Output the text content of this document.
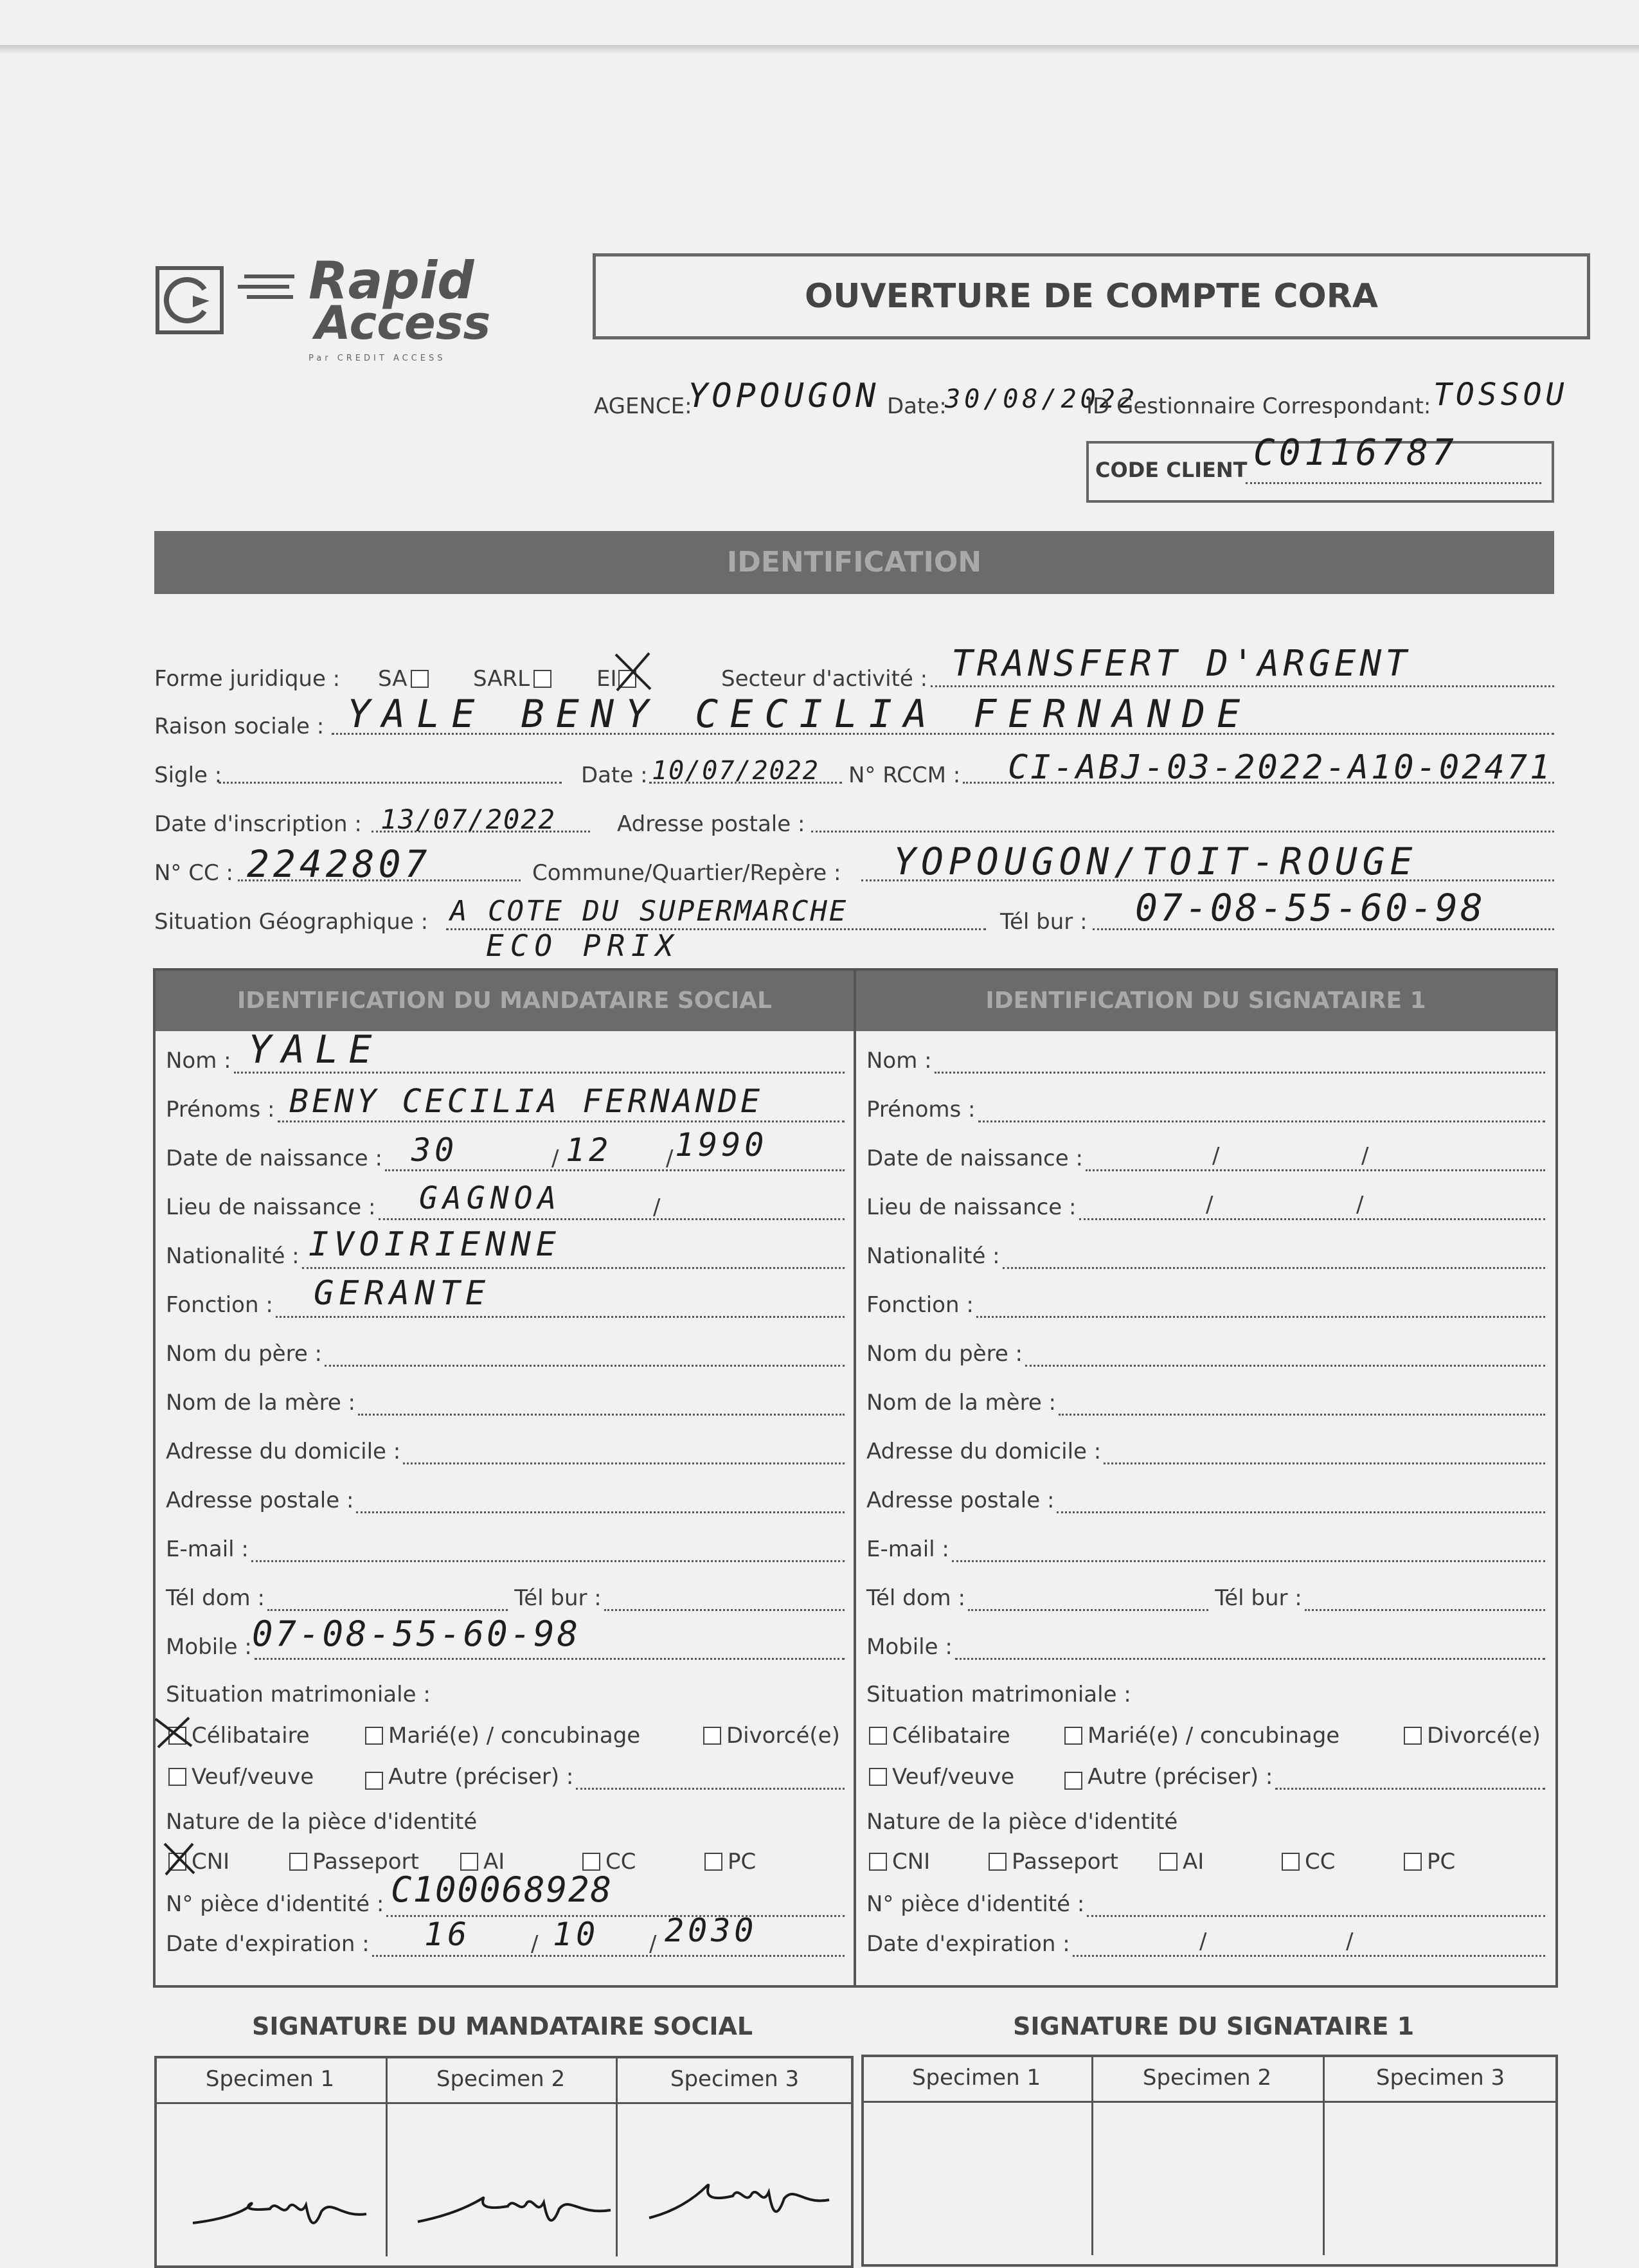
Rapid
Access
Par CREDIT ACCESS
OUVERTURE DE COMPTE CORA
AGENCE:
YOPOUGON Date:
30/08/2022
ID Gestionnaire Correspondant: TOSSOU
CODE CLIENT C0116787
IDENTIFICATION
Forme juridique : SA	SARL	EI	Secteur d'activité : TRANSFERT D'ARGENT
Raison sociale : YALE BENY CECILIA FERNANDE
Sigle :	Date : 10/07/2022 N° RCCM : CI-ABJ-03-2022-A10-02471
Date d'inscription : 13/07/2022	Adresse postale :
N° CC : 2242807	Commune/Quartier/Repère : YOPOUGON/TOIT-ROUGE
Situation Géographique : A COTE DU SUPERMARCHE
ECO PRIX
Tél bur : 07-08-55-60-98
IDENTIFICATION DU MANDATAIRE SOCIAL	IDENTIFICATION DU SIGNATAIRE 1
Nom : YALE
Prénoms : BENY CECILIA FERNANDE
Date de naissance : 30	/ 12 / 1990
Lieu de naissance : GAGNOA	/
Nationalité : IVOIRIENNE
Fonction : GERANTE
Nom du père :
Nom de la mère :
Adresse du domicile :
Adresse postale :
E-mail :
Tél dom :	Tél bur :
Mobile : 07-08-55-60-98
Situation matrimoniale :
Célibataire	Marié(e) / concubinage	Divorcé(e)
Veuf/veuve	Autre (préciser) :
Nature de la pièce d'identité
CNI	Passeport	AI	CC	PC
N° pièce d'identité : C100068928
Date d'expiration : 16	/ 10 / 2030
Nom :
Prénoms :
Date de naissance :	/	/
Lieu de naissance :	/	/
Nationalité :
Fonction :
Nom du père :
Nom de la mère :
Adresse du domicile :
Adresse postale :
E-mail :
Tél dom :	Tél bur :
Mobile :
Situation matrimoniale :
Célibataire	Marié(e) / concubinage	Divorcé(e)
Veuf/veuve	Autre (préciser) :
Nature de la pièce d'identité
CNI	Passeport	AI	CC	PC
N° pièce d'identité :
Date d'expiration :	/	/
SIGNATURE DU MANDATAIRE SOCIAL	SIGNATURE DU SIGNATAIRE 1
Specimen 1	Specimen 2	Specimen 3	Specimen 1	Specimen 2	Specimen 3
